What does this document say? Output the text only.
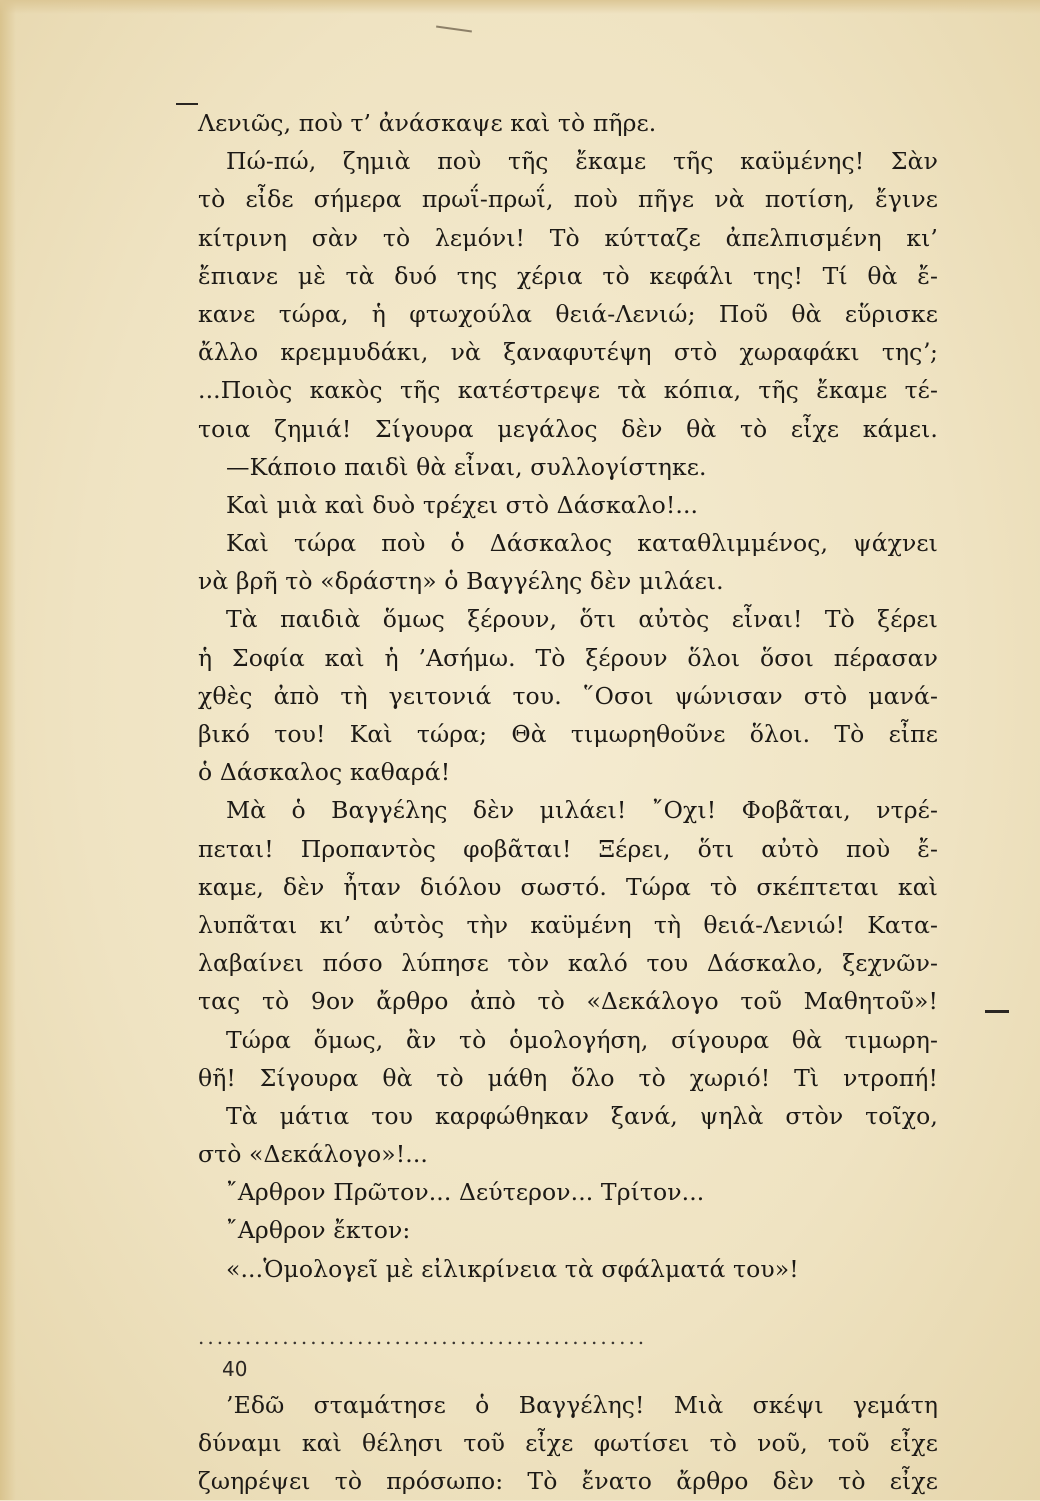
Λενιῶς, ποὺ τ’ ἀνάσκαψε καὶ τὸ πῆρε.
Πώ-πώ, ζημιὰ ποὺ τῆς ἔκαμε τῆς καϋμένης! Σὰν
τὸ εἶδε σήμερα πρωΐ-πρωΐ, ποὺ πῆγε νὰ ποτίση, ἔγινε
κίτρινη σὰν τὸ λεμόνι! Τὸ κύτταζε ἀπελπισμένη κι’
ἔπιανε μὲ τὰ δυό της χέρια τὸ κεφάλι της! Τί θὰ ἔ-
κανε τώρα, ἡ φτωχούλα θειά-Λενιώ; Ποῦ θὰ εὕρισκε
ἄλλο κρεμμυδάκι, νὰ ξαναφυτέψη στὸ χωραφάκι τηςʼ;
...Ποιὸς κακὸς τῆς κατέστρεψε τὰ κόπια, τῆς ἔκαμε τέ-
τοια ζημιά! Σίγουρα μεγάλος δὲν θὰ τὸ εἶχε κάμει.
—Κάποιο παιδὶ θὰ εἶναι, συλλογίστηκε.
Καὶ μιὰ καὶ δυὸ τρέχει στὸ Δάσκαλο!...
Καὶ τώρα ποὺ ὁ Δάσκαλος καταθλιμμένος, ψάχνει
νὰ βρῆ τὸ «δράστη» ὁ Βαγγέλης δὲν μιλάει.
Τὰ παιδιὰ ὅμως ξέρουν, ὅτι αὐτὸς εἶναι! Τὸ ξέρει
ἡ Σοφία καὶ ἡ ’Ασήμω. Τὸ ξέρουν ὅλοι ὅσοι πέρασαν
χθὲς ἀπὸ τὴ γειτονιά του. ῞Οσοι ψώνισαν στὸ μανά-
βικό του! Καὶ τώρα; Θὰ τιμωρηθοῦνε ὅλοι. Τὸ εἶπε
ὁ Δάσκαλος καθαρά!
Μὰ ὁ Βαγγέλης δὲν μιλάει! ῎Οχι! Φοβᾶται, ντρέ-
πεται! Προπαντὸς φοβᾶται! Ξέρει, ὅτι αὐτὸ ποὺ ἔ-
καμε, δὲν ἦταν διόλου σωστό. Τώρα τὸ σκέπτεται καὶ
λυπᾶται κι’ αὐτὸς τὴν καϋμένη τὴ θειά-Λενιώ! Κατα-
λαβαίνει πόσο λύπησε τὸν καλό του Δάσκαλο, ξεχνῶν-
τας τὸ 9ον ἄρθρο ἀπὸ τὸ «Δεκάλογο τοῦ Μαθητοῦ»!
Τώρα ὅμως, ἂν τὸ ὁμολογήση, σίγουρα θὰ τιμωρη-
θῆ! Σίγουρα θὰ τὸ μάθη ὅλο τὸ χωριό! Τὶ ντροπή!
Τὰ μάτια του καρφώθηκαν ξανά, ψηλὰ στὸν τοῖχο,
στὸ «Δεκάλογο»!...
῎Αρθρον Πρῶτον... Δεύτερον... Τρίτον...
῎Αρθρον ἔκτον:
«...Ὁμολογεῖ μὲ εἰλικρίνεια τὰ σφάλματά του»!
................................................
’Εδῶ σταμάτησε ὁ Βαγγέλης! Μιὰ σκέψι γεμάτη
δύναμι καὶ θέλησι τοῦ εἶχε φωτίσει τὸ νοῦ, τοῦ εἶχε
ζωηρέψει τὸ πρόσωπο: Τὸ ἔνατο ἄρθρο δὲν τὸ εἶχε
40
